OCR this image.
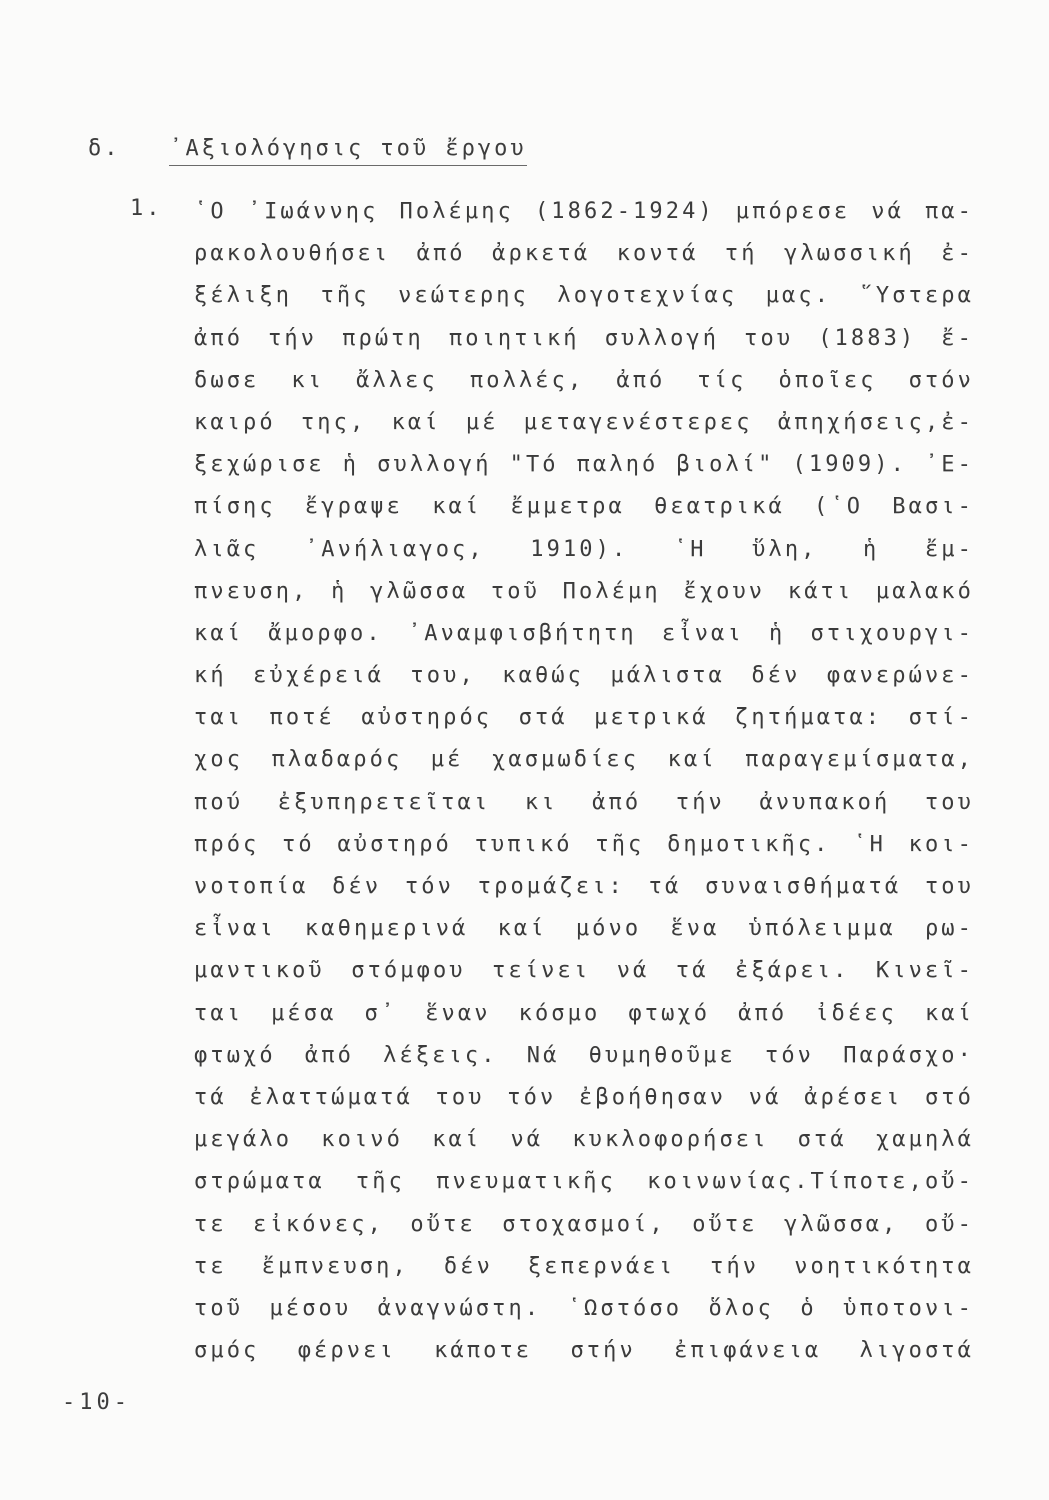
δ. ᾿Αξιολόγησις τοῦ ἔργου
1. ῾Ο ᾿Ιωάννης Πολέμης (1862-1924) μπόρεσε νά πα-
ρακολουθήσει ἀπό ἀρκετά κοντά τή γλωσσική ἐ-
ξέλιξη τῆς νεώτερης λογοτεχνίας μας. ῞Υστερα
ἀπό τήν πρώτη ποιητική συλλογή του (1883) ἔ-
δωσε κι ἄλλες πολλές, ἀπό τίς ὁποῖες στόν
καιρό της, καί μέ μεταγενέστερες ἀπηχήσεις,ἐ-
ξεχώρισε ἡ συλλογή "Τό παληό βιολί" (1909). ᾿Ε-
πίσης ἔγραψε καί ἔμμετρα θεατρικά (῾Ο Βασι-
λιᾶς ᾿Ανήλιαγος, 1910). ῾Η ὕλη, ἡ ἔμ-
πνευση, ἡ γλῶσσα τοῦ Πολέμη ἔχουν κάτι μαλακό
καί ἄμορφο. ᾿Αναμφισβήτητη εἶναι ἡ στιχουργι-
κή εὐχέρειά του, καθώς μάλιστα δέν φανερώνε-
ται ποτέ αὐστηρός στά μετρικά ζητήματα: στί-
χος πλαδαρός μέ χασμωδίες καί παραγεμίσματα,
πού ἐξυπηρετεῖται κι ἀπό τήν ἀνυπακοή του
πρός τό αὐστηρό τυπικό τῆς δημοτικῆς. ῾Η κοι-
νοτοπία δέν τόν τρομάζει: τά συναισθήματά του
εἶναι καθημερινά καί μόνο ἕνα ὑπόλειμμα ρω-
μαντικοῦ στόμφου τείνει νά τά ἐξάρει. Κινεῖ-
ται μέσα σ᾿ ἕναν κόσμο φτωχό ἀπό ἰδέες καί
φτωχό ἀπό λέξεις. Νά θυμηθοῦμε τόν Παράσχο·
τά ἐλαττώματά του τόν ἐβοήθησαν νά ἀρέσει στό
μεγάλο κοινό καί νά κυκλοφορήσει στά χαμηλά
στρώματα τῆς πνευματικῆς κοινωνίας.Τίποτε,οὔ-
τε εἰκόνες, οὔτε στοχασμοί, οὔτε γλῶσσα, οὔ-
τε ἔμπνευση, δέν ξεπερνάει τήν νοητικότητα
τοῦ μέσου ἀναγνώστη. ῾Ωστόσο ὅλος ὁ ὑποτονι-
σμός φέρνει κάποτε στήν ἐπιφάνεια λιγοστά
-10-
